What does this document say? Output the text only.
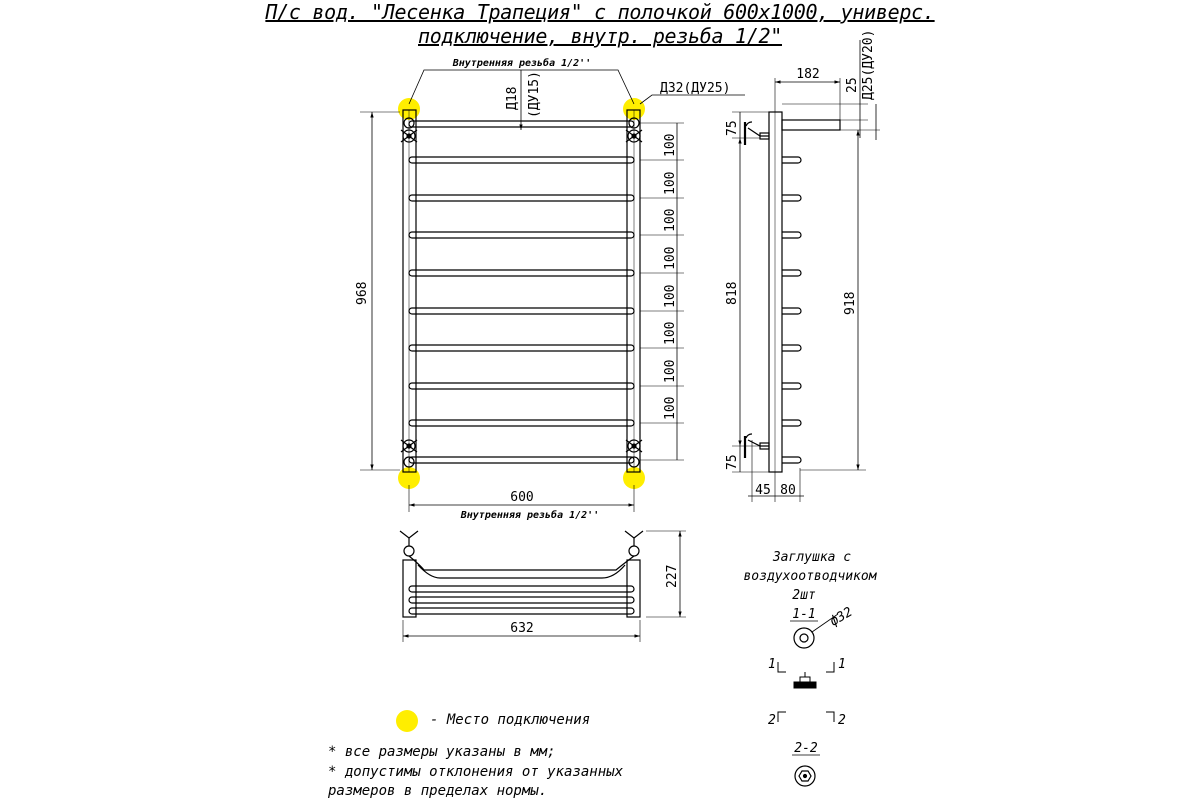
П/с вод. "Лесенка Трапеция" с полочкой 600x1000, универс.
подключение, внутр. резьба 1/2"
Внутренняя резьба 1/2''
Д18 (ДУ15)	Д32(ДУ25)
968
100
100
100
100
100
100
100
100
600
Внутренняя резьба 1/2''
182
25 Д25(ДУ20)
75
818
75
918
45 80
227
632
Заглушка с
воздухоотводчиком
2шт
1-1 ф32
1	1
2	2
2-2
- Место подключения
* все размеры указаны в мм;
* допустимы отклонения от указанных
размеров в пределах нормы.
